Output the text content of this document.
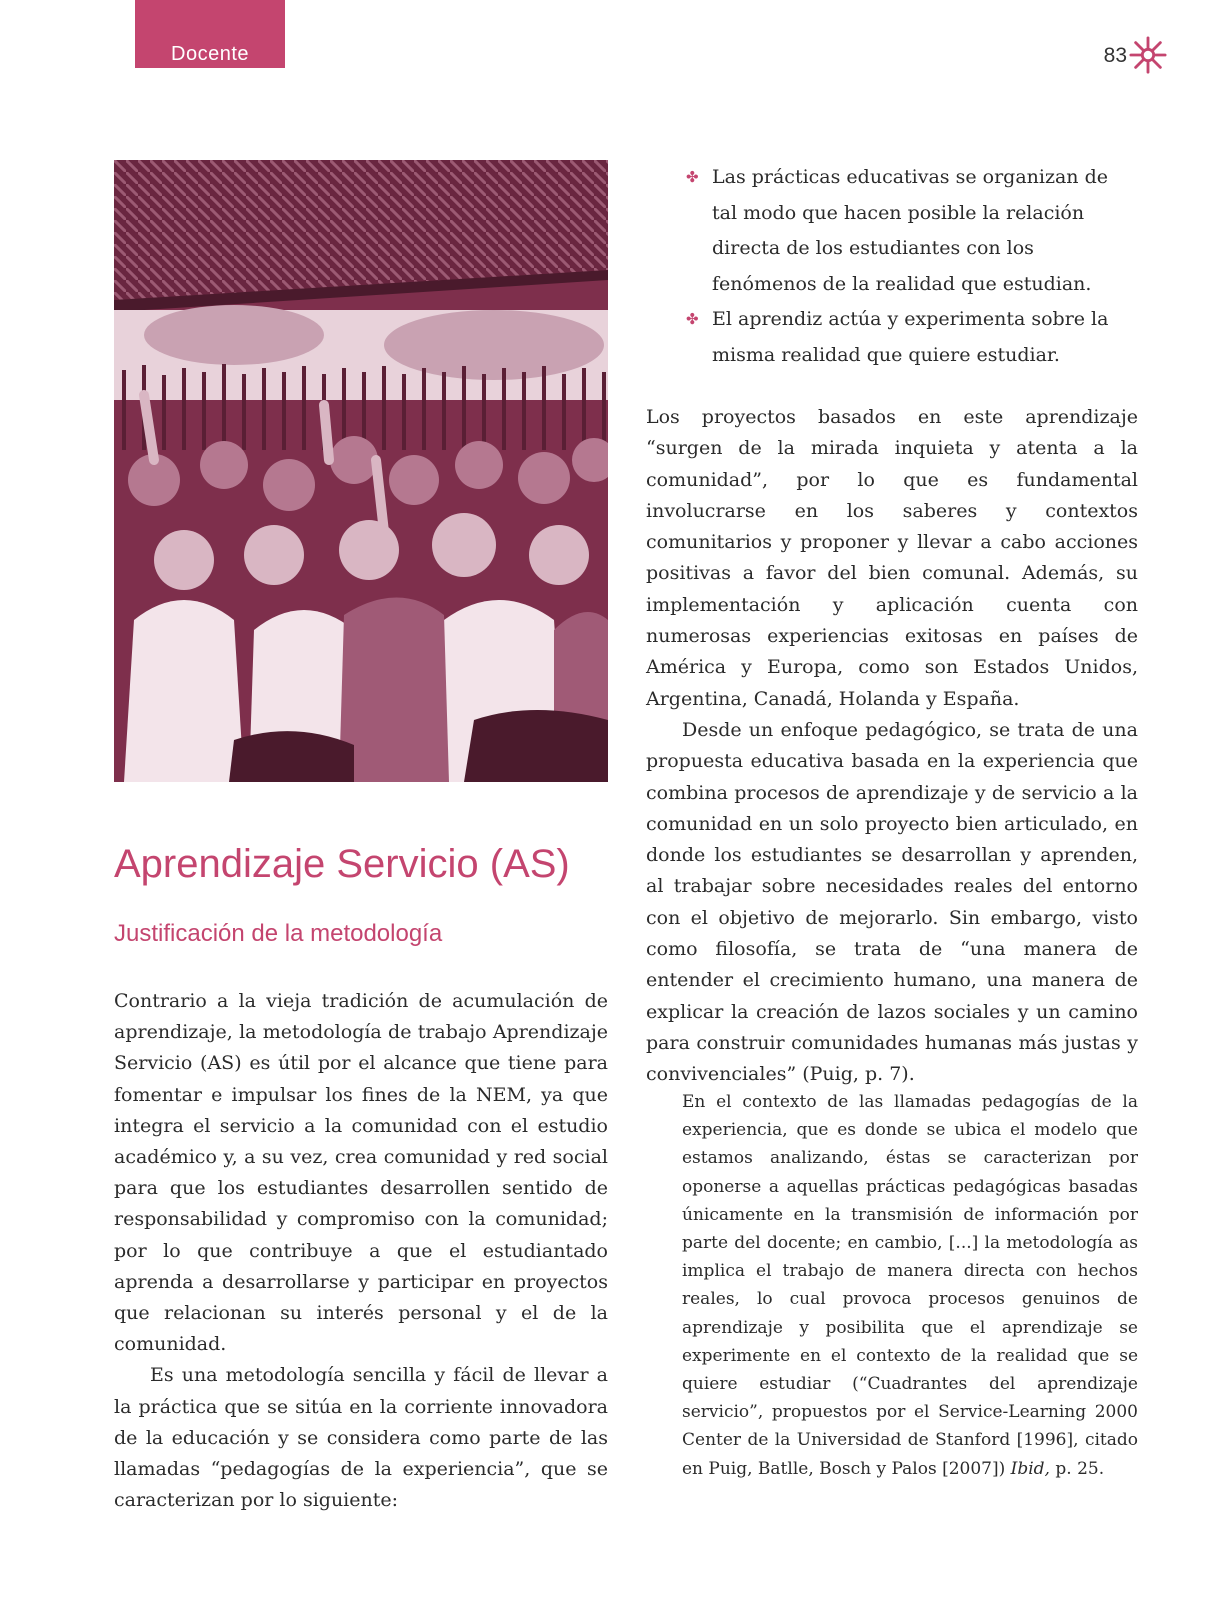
Docente	83
Aprendizaje Servicio (AS)
Justificación de la metodología

Contrario a la vieja tradición de acumulación de aprendizaje, la metodología de trabajo Aprendizaje Servicio (AS) es útil por el alcance que tiene para fomentar e impulsar los fines de la NEM, ya que integra el servicio a la comunidad con el estudio académico y, a su vez, crea comunidad y red social para que los estudiantes desarrollen sentido de responsabilidad y compromiso con la comunidad; por lo que contribuye a que el estudiantado aprenda a desarrollarse y participar en proyectos que relacionan su interés personal y el de la comunidad.

Es una metodología sencilla y fácil de llevar a la práctica que se sitúa en la corriente innovadora de la educación y se considera como parte de las llamadas “pedagogías de la experiencia”, que se caracterizan por lo siguiente:

✤ Las prácticas educativas se organizan de tal modo que hacen posible la relación directa de los estudiantes con los fenómenos de la realidad que estudian.
✤ El aprendiz actúa y experimenta sobre la misma realidad que quiere estudiar.

Los proyectos basados en este aprendizaje “surgen de la mirada inquieta y atenta a la comunidad”, por lo que es fundamental involucrarse en los saberes y contextos comunitarios y proponer y llevar a cabo acciones positivas a favor del bien comunal. Además, su implementación y aplicación cuenta con numerosas experiencias exitosas en países de América y Europa, como son Estados Unidos, Argentina, Canadá, Holanda y España.

Desde un enfoque pedagógico, se trata de una propuesta educativa basada en la experiencia que combina procesos de aprendizaje y de servicio a la comunidad en un solo proyecto bien articulado, en donde los estudiantes se desarrollan y aprenden, al trabajar sobre necesidades reales del entorno con el objetivo de mejorarlo. Sin embargo, visto como filosofía, se trata de “una manera de entender el crecimiento humano, una manera de explicar la creación de lazos sociales y un camino para construir comunidades humanas más justas y convivenciales” (Puig, p. 7).

En el contexto de las llamadas pedagogías de la experiencia, que es donde se ubica el modelo que estamos analizando, éstas se caracterizan por oponerse a aquellas prácticas pedagógicas basadas únicamente en la transmisión de información por parte del docente; en cambio, [...] la metodología as implica el trabajo de manera directa con hechos reales, lo cual provoca procesos genuinos de aprendizaje y posibilita que el aprendizaje se experimente en el contexto de la realidad que se quiere estudiar (“Cuadrantes del aprendizaje servicio”, propuestos por el Service-Learning 2000 Center de la Universidad de Stanford [1996], citado en Puig, Batlle, Bosch y Palos [2007]) Ibid, p. 25.
